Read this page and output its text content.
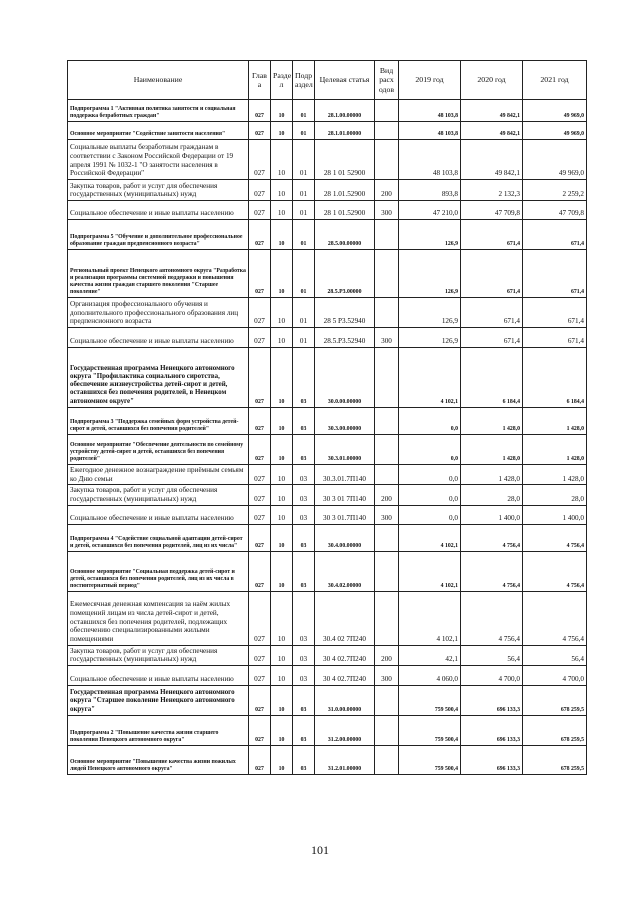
Наименование	Глав а	Разде л	Подр аздел	Целевая статья	Вид расх одов	2019 год	2020 год	2021 год
Подпрограмма 1 "Активная политика занятости и социальная поддержка безработных граждан"	027	10	01	28.1.00.00000		48 103,8	49 842,1	49 969,0
Основное мероприятие "Содействие занятости населения"	027	10	01	28.1.01.00000		48 103,8	49 842,1	49 969,0
Социальные выплаты безработным гражданам в соответствии с Законом Российской Федерации от 19 апреля 1991 № 1032-1 "О занятости населения в Российской Федерации"	027	10	01	28 1 01 52900		48 103,8	49 842,1	49 969,0
Закупка товаров, работ и услуг для обеспечения государственных (муниципальных) нужд	027	10	01	28 1.01.52900	200	893,8	2 132,3	2 259,2
Социальное обеспечение и иные выплаты населению	027	10	01	28 1 01.52900	300	47 210,0	47 709,8	47 709,8
Подпрограмма 5 "Обучение и дополнительное профессиональное образование граждан предпенсионного возраста"	027	10	01	28.5.00.00000		126,9	671,4	671,4
Региональный проект Ненецкого автономного округа "Разработка и реализация программы системной поддержки и повышения качества жизни граждан старшего поколения "Старшее поколение"	027	10	01	28.5.P3.00000		126,9	671,4	671,4
Организация профессионального обучения и дополнительного профессионального образования лиц предпенсионного возраста	027	10	01	28 5 P3.52940		126,9	671,4	671,4
Социальное обеспечение и иные выплаты населению	027	10	01	28.5.P3.52940	300	126,9	671,4	671,4
Государственная программа Ненецкого автономного округа "Профилактика социального сиротства, обеспечение жизнеустройства детей-сирот и детей, оставшихся без попечения родителей, в Ненецком автономном округе"	027	10	03	30.0.00.00000		4 102,1	6 184,4	6 184,4
Подпрограмма 3 "Поддержка семейных форм устройства детей-сирот и детей, оставшихся без попечения родителей"	027	10	03	30.3.00.00000		0,0	1 428,0	1 428,0
Основное мероприятие "Обеспечение деятельности по семейному устройству детей-сирот и детей, оставшихся без попечения родителей"	027	10	03	30.3.01.00000		0,0	1 428,0	1 428,0
Ежегодное денежное вознаграждение приёмным семьям ко Дню семьи	027	10	03	30.3.01.7П140		0,0	1 428,0	1 428,0
Закупка товаров, работ и услуг для обеспечения государственных (муниципальных) нужд	027	10	03	30 3 01 7П140	200	0,0	28,0	28,0
Социальное обеспечение и иные выплаты населению	027	10	03	30 3 01.7П140	300	0,0	1 400,0	1 400,0
Подпрограмма 4 "Содействие социальной адаптации детей-сирот и детей, оставшихся без попечения родителей, лиц из их числа"	027	10	03	30.4.00.00000		4 102,1	4 756,4	4 756,4
Основное мероприятие "Социальная поддержка детей-сирот и детей, оставшихся без попечения родителей, лиц из их числа в постинтернатный период"	027	10	03	30.4.02.00000		4 102,1	4 756,4	4 756,4
Ежемесячная денежная компенсация за наём жилых помещений лицам из числа детей-сирот и детей, оставшихся без попечения родителей, подлежащих обеспечению специализированными жилыми помещениями	027	10	03	30.4 02 7П240		4 102,1	4 756,4	4 756,4
Закупка товаров, работ и услуг для обеспечения государственных (муниципальных) нужд	027	10	03	30 4 02.7П240	200	42,1	56,4	56,4
Социальное обеспечение и иные выплаты населению	027	10	03	30 4 02.7П240	300	4 060,0	4 700,0	4 700,0
Государственная программа Ненецкого автономного округа "Старшее поколение Ненецкого автономного округа"	027	10	03	31.0.00.00000		759 500,4	696 133,3	678 259,5
Подпрограмма 2 "Повышение качества жизни старшего поколения Ненецкого автономного округа"	027	10	03	31.2.00.00000		759 500,4	696 133,3	678 259,5
Основное мероприятие "Повышение качества жизни пожилых людей Ненецкого автономного округа"	027	10	03	31.2.01.00000		759 500,4	696 133,3	678 259,5
101
